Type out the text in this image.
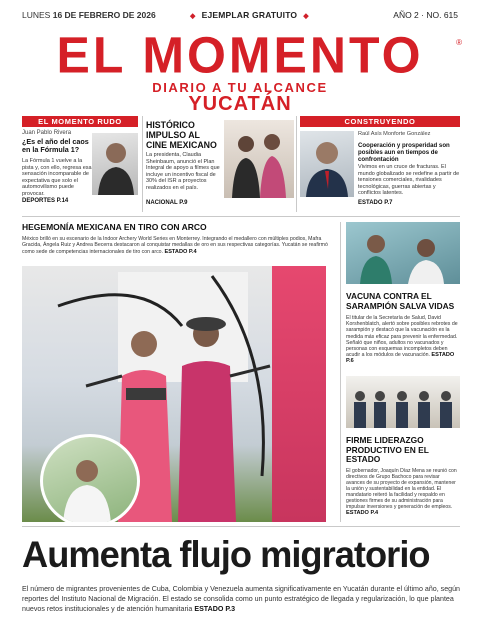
LUNES 16 DE FEBRERO DE 2026	◆ EJEMPLAR GRATUITO ◆	AÑO 2 · NO. 615
EL MOMENTO	®
DIARIO A TU ALCANCE
YUCATÁN
EL MOMENTO RUDO
Juan Pablo Rivera
¿Es el año del caos en la Fórmula 1?
La Fórmula 1 vuelve a la pista y, con ello, regresa esa sensación incomparable de expectativa que solo el automovilismo puede provocar.
DEPORTES P.14
HISTÓRICO IMPULSO AL CINE MEXICANO
La presidenta, Claudia Sheinbaum, anunció el Plan Integral de apoyo a filmes que incluye un incentivo fiscal de 30% del ISR a proyectos realizados en el país.
NACIONAL P.9
CONSTRUYENDO
Raúl Asís Monforte González
Cooperación y prosperidad son posibles aun en tiempos de confrontación
Vivimos en un cruce de fracturas. El mundo globalizado se redefine a partir de tensiones comerciales, rivalidades tecnológicas, guerras abiertas y conflictos latentes.
ESTADO P.7
HEGEMONÍA MEXICANA EN TIRO CON ARCO
México brilló en su escenario de la Indoor Archery World Series en Monterrey. Integrando el medallero con múltiples podios, Mafra Gracida, Ángela Ruiz y Andrea Becerra destacaron al conquistar medallas de oro en sus respectivas categorías. Yucatán se reafirmó como sede de competencias internacionales de tiro con arco. ESTADO P.4
VACUNA CONTRA EL SARAMPIÓN SALVA VIDAS
El titular de la Secretaría de Salud, David Korshenblatch, alertó sobre posibles rebrotes de sarampión y destacó que la vacunación es la medida más eficaz para prevenir la enfermedad. Señaló que niños, adultos no vacunados y personas con esquemas incompletos deben acudir a los módulos de vacunación. ESTADO P.6
FIRME LIDERAZGO PRODUCTIVO EN EL ESTADO
El gobernador, Joaquín Díaz Mena se reunió con directivos de Grupo Bachoco para revisar avances de su proyecto de expansión, mantener la unión y sustentabilidad en la entidad. El mandatario reiteró la facilidad y respaldo en gestiones firmes de su administración para impulsar inversiones y generación de empleos. ESTADO P.4
Aumenta flujo migratorio
El número de migrantes provenientes de Cuba, Colombia y Venezuela aumenta significativamente en Yucatán durante el último año, según reportes del Instituto Nacional de Migración. El estado se consolida como un punto estratégico de llegada y regularización, lo que plantea nuevos retos institucionales y de atención humanitaria ESTADO P.3
